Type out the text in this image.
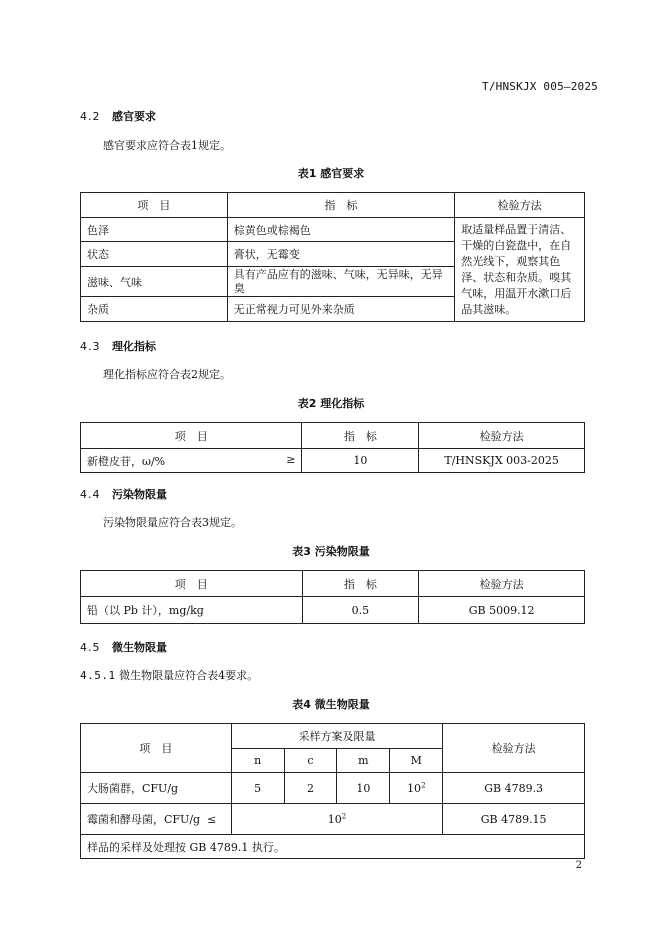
T/HNSKJX 005—2025
4.2 感官要求
感官要求应符合表1规定。
表1 感官要求
项　目	指　标	检验方法
色泽	棕黄色或棕褐色	取适量样品置于清洁、干燥的白瓷盘中，在自然光线下，观察其色泽、状态和杂质。嗅其气味，用温开水漱口后品其滋味。
状态	膏状，无霉变	
滋味、气味	具有产品应有的滋味、气味，无异味，无异臭	
杂质	无正常视力可见外来杂质	
4.3 理化指标
理化指标应符合表2规定。
表2 理化指标
项　目	指　标	检验方法
新橙皮苷，ω/% ≥	10	T/HNSKJX 003-2025
4.4 污染物限量
污染物限量应符合表3规定。
表3 污染物限量
项　目	指　标	检验方法
铅（以 Pb 计），mg/kg	0.5	GB 5009.12
4.5 微生物限量
4.5.1 微生物限量应符合表4要求。
表4 微生物限量
项　目	采样方案及限量				检验方法
	n	c	m	M	
大肠菌群，CFU/g	5	2	10	$10^2$	GB 4789.3
霉菌和酵母菌，CFU/g ≤	$10^2$				GB 4789.15
样品的采样及处理按 GB 4789.1 执行。					
2
